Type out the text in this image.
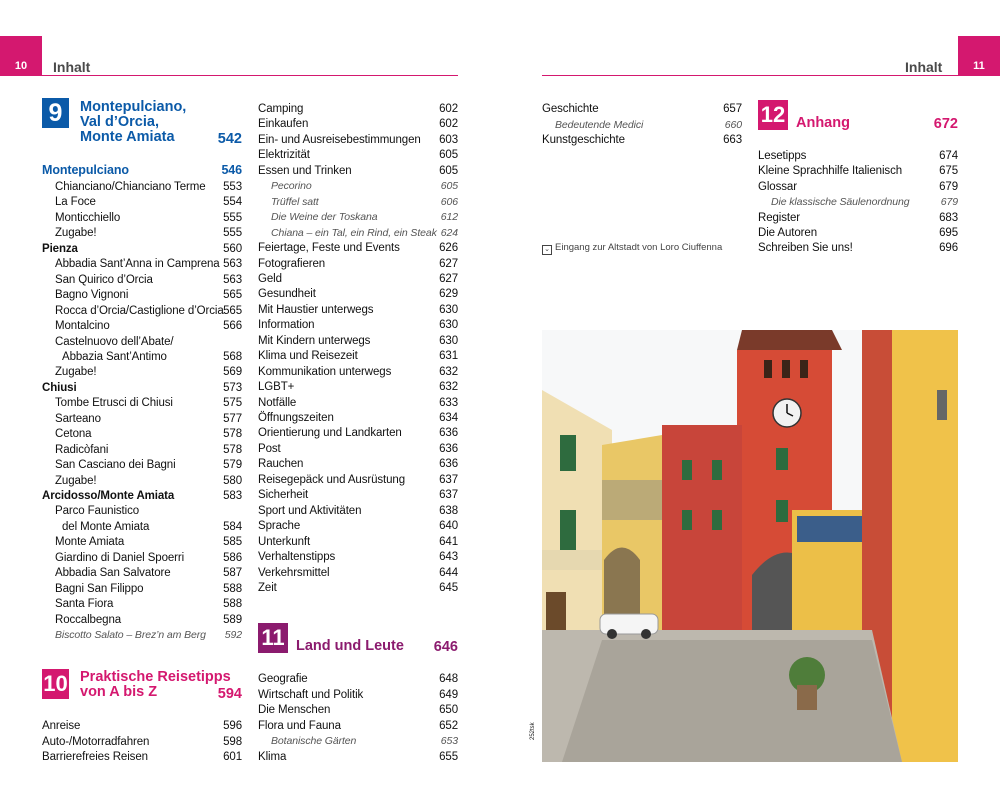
10	11
Inhalt	Inhalt
9	Montepulciano,
Val d’Orcia,
Monte Amiata	542
10 Praktische Reisetipps
von A bis Z	594
11 Land und Leute	646
12 Anhang	672
Montepulciano	546
Chianciano/Chianciano Terme 553
La Foce	554
Monticchiello	555
Zugabe!	555
Pienza	560
Abbadia Sant’Anna in Camprena 563
San Quirico d’Orcia	563
Bagno Vignoni	565
Rocca d’Orcia/Castiglione d’Orcia 565
Montalcino	566
Castelnuovo dell’Abate/
Abbazia Sant’Antimo	568
Zugabe!	569
Chiusi	573
Tombe Etrusci di Chiusi	575
Sarteano	577
Cetona	578
Radicòfani	578
San Casciano dei Bagni	579
Zugabe!	580
Arcidosso/Monte Amiata	583
Parco Faunistico
del Monte Amiata	584
Monte Amiata	585
Giardino di Daniel Spoerri	586
Abbadia San Salvatore	587
Bagni San Filippo	588
Santa Fiora	588
Roccalbegna	589
Biscotto Salato – Brez’n am Berg 592
Anreise	596
Auto-/Motorradfahren	598
Barrierefreies Reisen	601
Camping	602
Einkaufen	602
Ein- und Ausreisebestimmungen 603
Elektrizität	605
Essen und Trinken	605
Pecorino	605
Trüffel satt	606
Die Weine der Toskana	612
Chiana – ein Tal, ein Rind, ein Steak 624
Feiertage, Feste und Events	626
Fotografieren	627
Geld	627
Gesundheit	629
Mit Haustier unterwegs	630
Information	630
Mit Kindern unterwegs	630
Klima und Reisezeit	631
Kommunikation unterwegs	632
LGBT+	632
Notfälle	633
Öffnungszeiten	634
Orientierung und Landkarten	636
Post	636
Rauchen	636
Reisegepäck und Ausrüstung	637
Sicherheit	637
Sport und Aktivitäten	638
Sprache	640
Unterkunft	641
Verhaltenstipps	643
Verkehrsmittel	644
Zeit	645
Geografie	648
Wirtschaft und Politik	649
Die Menschen	650
Flora und Fauna	652
Botanische Gärten	653
Klima	655
Geschichte	657
Bedeutende Medici	660
Kunstgeschichte	663
Lesetipps	674
Kleine Sprachhilfe Italienisch	675
Glossar	679
Die klassische Säulenordnung	679
Register	683
Die Autoren	695
Schreiben Sie uns!	696
⌄ Eingang zur Altstadt von Loro Ciuffenna
252tsk
